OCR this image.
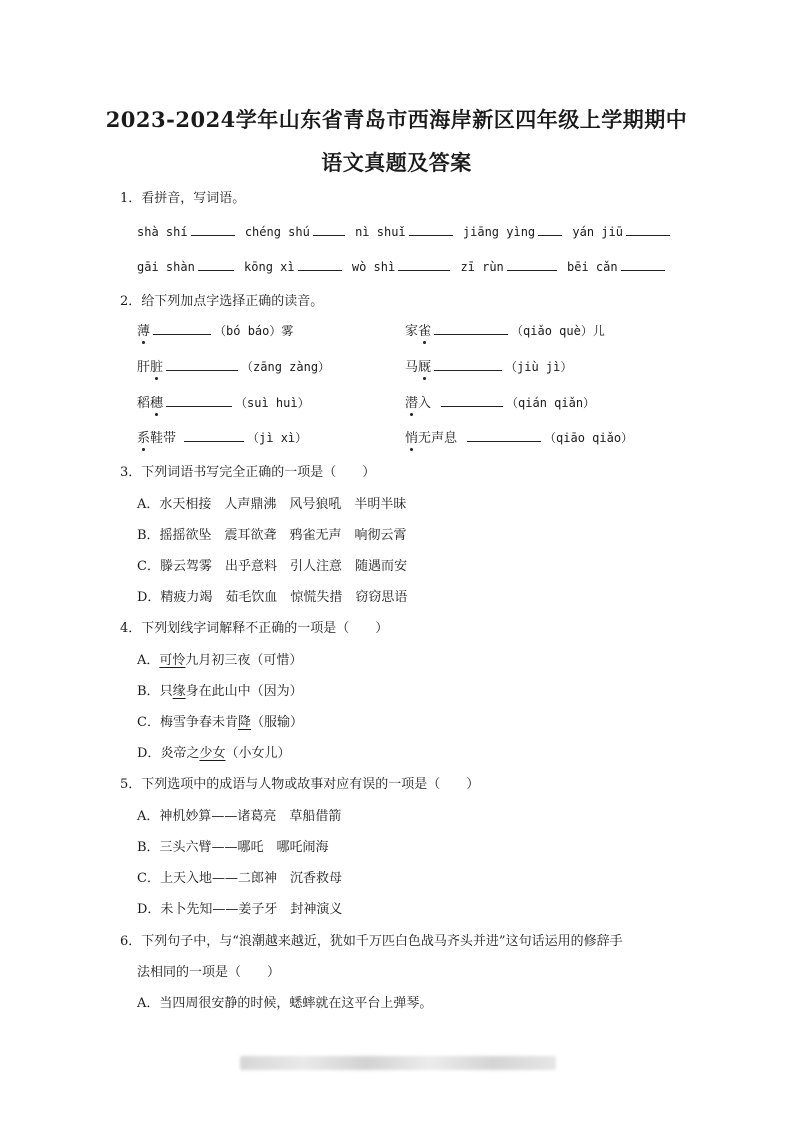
2023-2024学年山东省青岛市西海岸新区四年级上学期期中
语文真题及答案
1．看拼音，写词语。
shà shí	chéng shú	nì shuǐ	jiāng yìng	yán jiū
gāi shàn	kōng xì	wò shì	zī rùn	bēi cǎn
2．给下列加点字选择正确的读音。
薄	（bó báo）雾	家雀	（qiǎo què）儿
肝脏	（zāng zàng）	马厩	（jiù jì）
稻穗	（suì huì）	潜入	（qián qiǎn）
系鞋带	（jì xì）	悄无声息	（qiāo qiǎo）
3．下列词语书写完全正确的一项是（　　）
A．水天相接　人声鼎沸　风号狼吼　半明半昧
B．摇摇欲坠　震耳欲聋　鸦雀无声　响彻云霄
C．滕云驾雾　出乎意料　引人注意　随遇而安
D．精疲力竭　茹毛饮血　惊慌失措　窃窃思语
4．下列划线字词解释不正确的一项是（　　）
A．可怜九月初三夜（可惜）
B．只缘身在此山中（因为）
C．梅雪争春未肯降（服输）
D．炎帝之少女（小女儿）
5．下列选项中的成语与人物或故事对应有误的一项是（　　）
A．神机妙算——诸葛亮　草船借箭
B．三头六臂——哪吒　哪吒闹海
C．上天入地——二郎神　沉香救母
D．未卜先知——姜子牙　封神演义
6．下列句子中，与“浪潮越来越近，犹如千万匹白色战马齐头并进”这句话运用的修辞手
法相同的一项是（　　）
A．当四周很安静的时候，蟋蟀就在这平台上弹琴。
